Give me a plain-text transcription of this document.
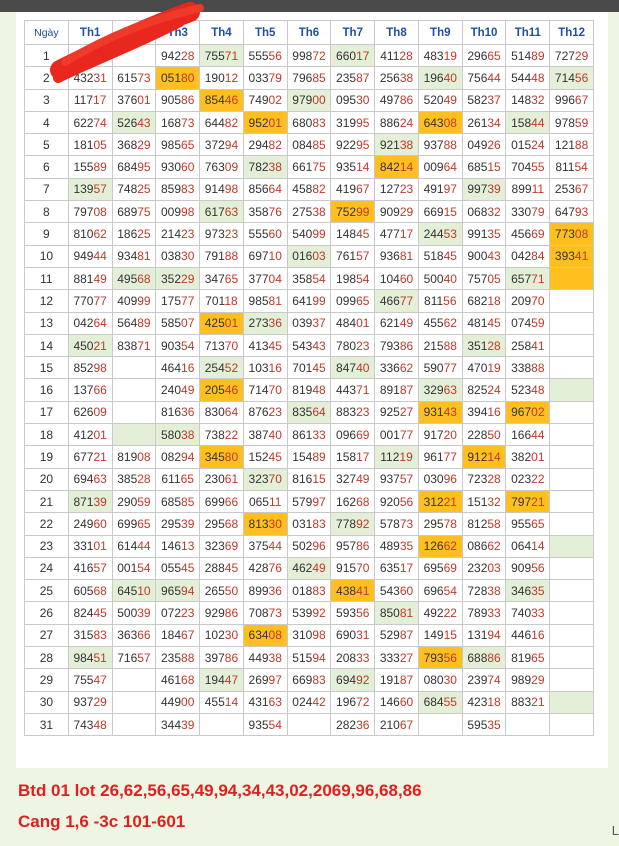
Ngày	Th1	Th2	Th3	Th4	Th5	Th6	Th7	Th8	Th9	Th10	Th11	Th12
1	91663		94228	75571	55556	99872	66017	41128	48319	29665	51489	72729
2	43231	61573	05180	19012	03379	79685	23587	25638	19640	75644	54448	71456
3	11717	37601	90586	85446	74902	97900	09530	49786	52049	58237	14832	99667
4	62274	52643	16873	64482	95201	68083	31995	88624	64308	26134	15844	97859
5	18105	36829	98565	37294	29482	08485	92295	92138	93788	04926	01524	12188
6	15589	68495	93060	76309	78238	66175	93514	84214	00964	68515	70455	81154
7	13957	74825	85983	91498	85664	45882	41967	12723	49197	99739	89911	25367
8	79708	68975	00998	61763	35876	27538	75299	90929	66915	06832	33079	64793
9	81062	18625	21423	97323	55560	54099	14845	47717	24453	99135	45669	77308
10	94944	93481	03830	79188	69710	01603	76157	93681	51845	90043	04284	39341
11	88149	49568	35229	34765	37704	35854	19854	10460	50040	75705	65771	
12	77077	40999	17577	70118	98581	64199	09965	46677	81156	68218	20970	
13	04264	56489	58507	42501	27336	03937	48401	62149	45562	48145	07459	
14	45021	83871	90354	71370	41345	54343	78023	79386	21588	35128	25841	
15	85298		46416	25452	10316	70145	84740	33662	59077	47019	33888	
16	13766		24049	20546	71470	81948	44371	89187	32963	82524	52348	
17	62609		81636	83064	87623	83564	88323	92527	93143	39416	96702	
18	41201		58038	73822	38740	86133	09669	00177	91720	22850	16644	
19	67721	81908	08294	34580	15245	15489	15817	11219	96177	91214	38201	
20	69463	38528	61165	23061	32370	81615	32749	93757	03096	72328	02322	
21	87139	29059	68585	69966	06511	57997	16268	92056	31221	15132	79721	
22	24960	69965	29539	29568	81330	03183	77892	57873	29578	81258	95565	
23	33101	61444	14613	32369	37544	50296	95786	48935	12662	08662	06414	
24	41657	00154	05545	28845	42876	46249	91570	63517	69569	23203	90956	
25	60568	64510	96594	26550	89936	01883	43841	54360	69654	72838	34635	
26	82445	50039	07223	92986	70873	53992	59356	85081	49222	78933	74033	
27	31583	36366	18467	10230	63408	31098	69031	52987	14915	13194	44616	
28	98451	71657	23588	39786	44938	51594	20833	33327	79356	68886	81965	
29	75547		46168	19447	26997	66983	69492	19187	08030	23974	98929	
30	93729		44900	45514	43163	02442	19672	14660	68455	42318	88321	
31	74348		34439		93554		28236	21067		59535		
Btd 01 lot 26,62,56,65,49,94,34,43,02,2069,96,68,86
Cang 1,6 -3c 101-601	L
